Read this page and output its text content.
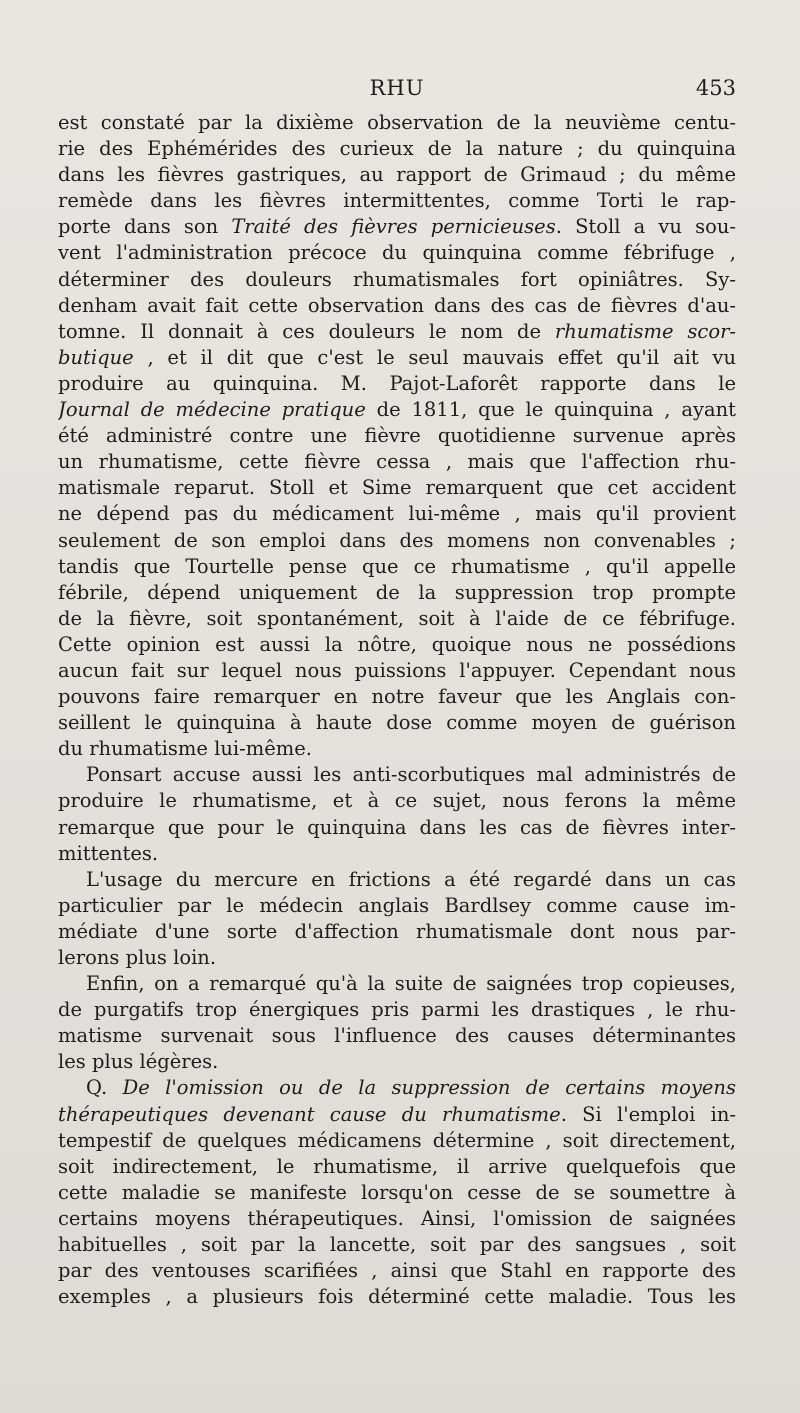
RHU	453
est constaté par la dixième observation de la neuvième centu-
rie des Ephémérides des curieux de la nature ; du quinquina
dans les fièvres gastriques, au rapport de Grimaud ; du même
remède dans les fièvres intermittentes, comme Torti le rap-
porte dans son Traité des fièvres pernicieuses. Stoll a vu sou-
vent l'administration précoce du quinquina comme fébrifuge ,
déterminer des douleurs rhumatismales fort opiniâtres. Sy-
denham avait fait cette observation dans des cas de fièvres d'au-
tomne. Il donnait à ces douleurs le nom de rhumatisme scor-
butique , et il dit que c'est le seul mauvais effet qu'il ait vu
produire au quinquina. M. Pajot-Laforêt rapporte dans le
Journal de médecine pratique de 1811, que le quinquina , ayant
été administré contre une fièvre quotidienne survenue après
un rhumatisme, cette fièvre cessa , mais que l'affection rhu-
matismale reparut. Stoll et Sime remarquent que cet accident
ne dépend pas du médicament lui-même , mais qu'il provient
seulement de son emploi dans des momens non convenables ;
tandis que Tourtelle pense que ce rhumatisme , qu'il appelle
fébrile, dépend uniquement de la suppression trop prompte
de la fièvre, soit spontanément, soit à l'aide de ce fébrifuge.
Cette opinion est aussi la nôtre, quoique nous ne possédions
aucun fait sur lequel nous puissions l'appuyer. Cependant nous
pouvons faire remarquer en notre faveur que les Anglais con-
seillent le quinquina à haute dose comme moyen de guérison
du rhumatisme lui-même.
Ponsart accuse aussi les anti-scorbutiques mal administrés de
produire le rhumatisme, et à ce sujet, nous ferons la même
remarque que pour le quinquina dans les cas de fièvres inter-
mittentes.
L'usage du mercure en frictions a été regardé dans un cas
particulier par le médecin anglais Bardlsey comme cause im-
médiate d'une sorte d'affection rhumatismale dont nous par-
lerons plus loin.
Enfin, on a remarqué qu'à la suite de saignées trop copieuses,
de purgatifs trop énergiques pris parmi les drastiques , le rhu-
matisme survenait sous l'influence des causes déterminantes
les plus légères.
Q. De l'omission ou de la suppression de certains moyens
thérapeutiques devenant cause du rhumatisme. Si l'emploi in-
tempestif de quelques médicamens détermine , soit directement,
soit indirectement, le rhumatisme, il arrive quelquefois que
cette maladie se manifeste lorsqu'on cesse de se soumettre à
certains moyens thérapeutiques. Ainsi, l'omission de saignées
habituelles , soit par la lancette, soit par des sangsues , soit
par des ventouses scarifiées , ainsi que Stahl en rapporte des
exemples , a plusieurs fois déterminé cette maladie. Tous les
